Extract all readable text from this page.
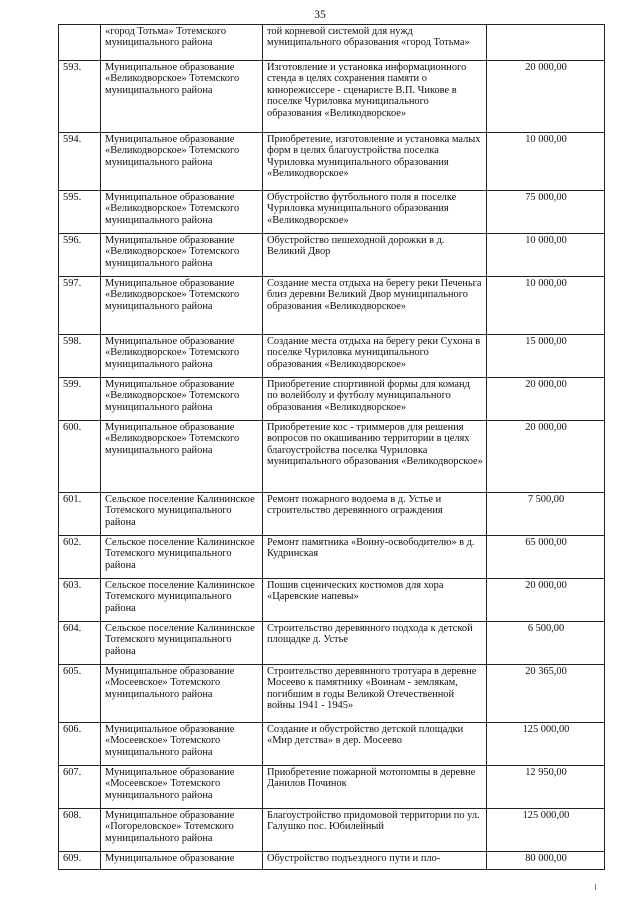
35
	«город Тотьма» Тотемского муниципального района	той корневой системой для нужд муниципального образования «город Тотьма»	
593.	Муниципальное образование «Великодворское» Тотемского муниципального района	Изготовление и установка информационного стенда в целях сохранения памяти о кинорежиссере - сценаристе В.П. Чикове в поселке Чуриловка муниципального образования «Великодворское»	20 000,00
594.	Муниципальное образование «Великодворское» Тотемского муниципального района	Приобретение, изготовление и установка малых форм в целях благоустройства поселка Чуриловка муниципального образования «Великодворское»	10 000,00
595.	Муниципальное образование «Великодворское» Тотемского муниципального района	Обустройство футбольного поля в поселке Чуриловка муниципального образования «Великодворское»	75 000,00
596.	Муниципальное образование «Великодворское» Тотемского муниципального района	Обустройство пешеходной дорожки в д. Великий Двор	10 000,00
597.	Муниципальное образование «Великодворское» Тотемского муниципального района	Создание места отдыха на берегу реки Печеньга близ деревни Великий Двор муниципального образования «Великодворское»	10 000,00
598.	Муниципальное образование «Великодворское» Тотемского муниципального района	Создание места отдыха на берегу реки Сухона в поселке Чуриловка муниципального образования «Великодворское»	15 000,00
599.	Муниципальное образование «Великодворское» Тотемского муниципального района	Приобретение спортивной формы для команд по волейболу и футболу муниципального образования «Великодворское»	20 000,00
600.	Муниципальное образование «Великодворское» Тотемского муниципального района	Приобретение кос - триммеров для решения вопросов по окашиванию территории в целях благоустройства поселка Чуриловка муниципального образования «Великодворское»	20 000,00
601.	Сельское поселение Калининское Тотемского муниципального района	Ремонт пожарного водоема в д. Устье и строительство деревянного ограждения	7 500,00
602.	Сельское поселение Калининское Тотемского муниципального района	Ремонт памятника «Воину-освободителю» в д. Кудринская	65 000,00
603.	Сельское поселение Калининское Тотемского муниципального района	Пошив сценических костюмов для хора «Царевские напевы»	20 000,00
604.	Сельское поселение Калининское Тотемского муниципального района	Строительство деревянного подхода к детской площадке д. Устье	6 500,00
605.	Муниципальное образование «Мосеевское» Тотемского муниципального района	Строительство деревянного тротуара в деревне Мосеево к памятнику «Воинам - землякам, погибшим в годы Великой Отечественной войны 1941 - 1945»	20 365,00
606.	Муниципальное образование «Мосеевское» Тотемского муниципального района	Создание и обустройство детской площадки «Мир детства» в дер. Мосеево	125 000,00
607.	Муниципальное образование «Мосеевское» Тотемского муниципального района	Приобретение пожарной мотопомпы в деревне Данилов Починок	12 950,00
608.	Муниципальное образование «Погореловское» Тотемского муниципального района	Благоустройство придомовой территории по ул. Галушко пос. Юбилейный	125 000,00
609.	Муниципальное образование	Обустройство подъездного пути и пло-	80 000,00
